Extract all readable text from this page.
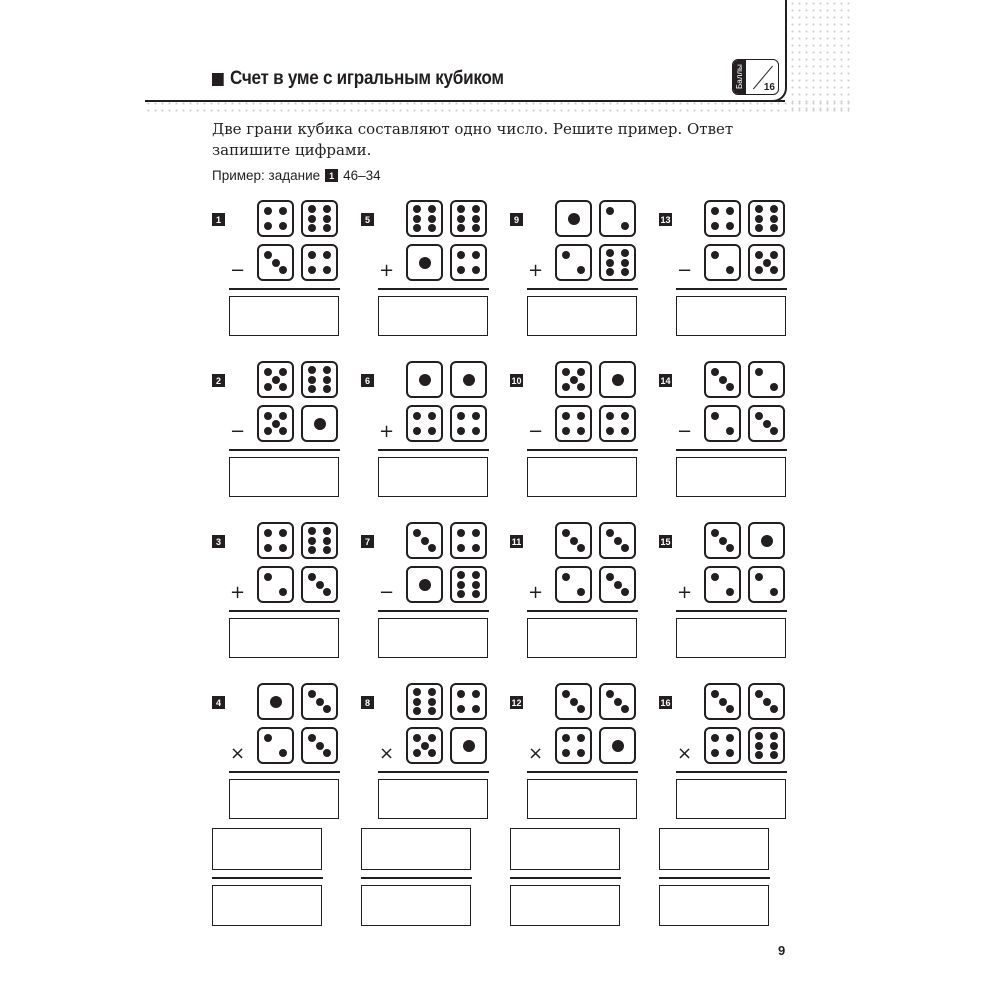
Счет в уме с игральным кубиком	Баллы 16
Две грани кубика составляют одно число. Решите пример. Ответ запишите цифрами.
Пример: задание 1 46–34
1
−
5
+
9
+
13
−
2
−
6
+
10
−
14
−
3
+
7
−
11
+
15
+
4
×
8
×
12
×
16
×
9
